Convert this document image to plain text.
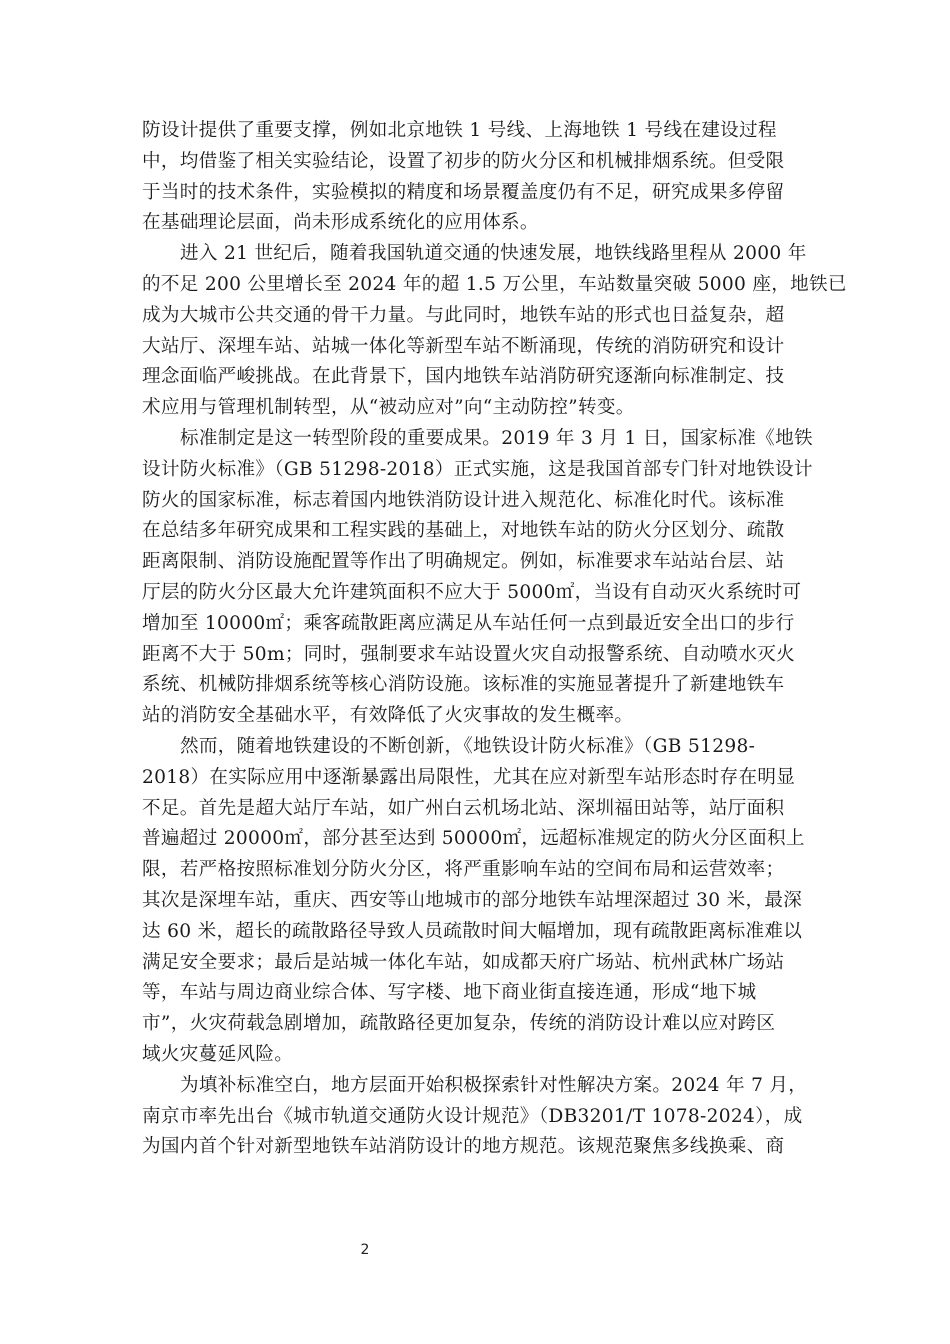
防设计提供了重要支撑，例如北京地铁 1 号线、上海地铁 1 号线在建设过程
中，均借鉴了相关实验结论，设置了初步的防火分区和机械排烟系统。但受限
于当时的技术条件，实验模拟的精度和场景覆盖度仍有不足，研究成果多停留
在基础理论层面，尚未形成系统化的应用体系。
进入 21 世纪后，随着我国轨道交通的快速发展，地铁线路里程从 2000 年
的不足 200 公里增长至 2024 年的超 1.5 万公里，车站数量突破 5000 座，地铁已
成为大城市公共交通的骨干力量。与此同时，地铁车站的形式也日益复杂，超
大站厅、深埋车站、站城一体化等新型车站不断涌现，传统的消防研究和设计
理念面临严峻挑战。在此背景下，国内地铁车站消防研究逐渐向标准制定、技
术应用与管理机制转型，从“被动应对”向“主动防控”转变。
标准制定是这一转型阶段的重要成果。2019 年 3 月 1 日，国家标准《地铁
设计防火标准》（GB 51298-2018）正式实施，这是我国首部专门针对地铁设计
防火的国家标准，标志着国内地铁消防设计进入规范化、标准化时代。该标准
在总结多年研究成果和工程实践的基础上，对地铁车站的防火分区划分、疏散
距离限制、消防设施配置等作出了明确规定。例如，标准要求车站站台层、站
厅层的防火分区最大允许建筑面积不应大于 5000㎡，当设有自动灭火系统时可
增加至 10000㎡；乘客疏散距离应满足从车站任何一点到最近安全出口的步行
距离不大于 50m；同时，强制要求车站设置火灾自动报警系统、自动喷水灭火
系统、机械防排烟系统等核心消防设施。该标准的实施显著提升了新建地铁车
站的消防安全基础水平，有效降低了火灾事故的发生概率。
然而，随着地铁建设的不断创新，《地铁设计防火标准》（GB 51298-
2018）在实际应用中逐渐暴露出局限性，尤其在应对新型车站形态时存在明显
不足。首先是超大站厅车站，如广州白云机场北站、深圳福田站等，站厅面积
普遍超过 20000㎡，部分甚至达到 50000㎡，远超标准规定的防火分区面积上
限，若严格按照标准划分防火分区，将严重影响车站的空间布局和运营效率；
其次是深埋车站，重庆、西安等山地城市的部分地铁车站埋深超过 30 米，最深
达 60 米，超长的疏散路径导致人员疏散时间大幅增加，现有疏散距离标准难以
满足安全要求；最后是站城一体化车站，如成都天府广场站、杭州武林广场站
等，车站与周边商业综合体、写字楼、地下商业街直接连通，形成“地下城
市”，火灾荷载急剧增加，疏散路径更加复杂，传统的消防设计难以应对跨区
域火灾蔓延风险。
为填补标准空白，地方层面开始积极探索针对性解决方案。2024 年 7 月，
南京市率先出台《城市轨道交通防火设计规范》（DB3201/T 1078-2024），成
为国内首个针对新型地铁车站消防设计的地方规范。该规范聚焦多线换乘、商
2
